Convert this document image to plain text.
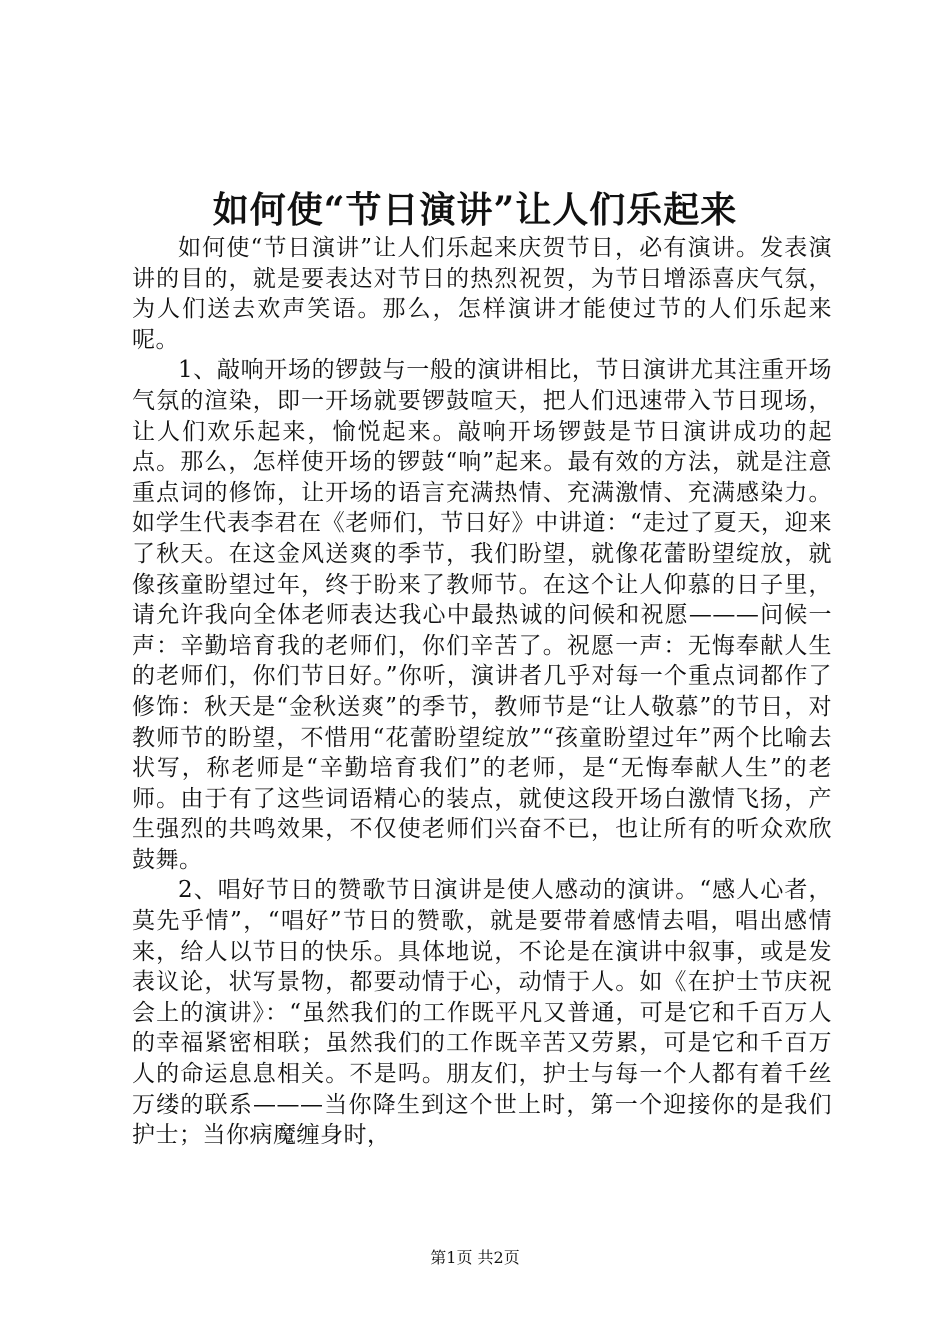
如何使“节日演讲”让人们乐起来

如何使“节日演讲”让人们乐起来庆贺节日，必有演讲。发表演讲的目的，就是要表达对节日的热烈祝贺，为节日增添喜庆气氛，为人们送去欢声笑语。那么，怎样演讲才能使过节的人们乐起来呢。

1、敲响开场的锣鼓与一般的演讲相比，节日演讲尤其注重开场气氛的渲染，即一开场就要锣鼓喧天，把人们迅速带入节日现场，让人们欢乐起来，愉悦起来。敲响开场锣鼓是节日演讲成功的起点。那么，怎样使开场的锣鼓“响”起来。最有效的方法，就是注意重点词的修饰，让开场的语言充满热情、充满激情、充满感染力。如学生代表李君在《老师们，节日好》中讲道：“走过了夏天，迎来了秋天。在这金风送爽的季节，我们盼望，就像花蕾盼望绽放，就像孩童盼望过年，终于盼来了教师节。在这个让人仰慕的日子里，请允许我向全体老师表达我心中最热诚的问候和祝愿———问候一声：辛勤培育我的老师们，你们辛苦了。祝愿一声：无悔奉献人生的老师们，你们节日好。”你听，演讲者几乎对每一个重点词都作了修饰：秋天是“金秋送爽”的季节，教师节是“让人敬慕”的节日，对教师节的盼望，不惜用“花蕾盼望绽放”“孩童盼望过年”两个比喻去状写，称老师是“辛勤培育我们”的老师，是“无悔奉献人生”的老师。由于有了这些词语精心的装点，就使这段开场白激情飞扬，产生强烈的共鸣效果，不仅使老师们兴奋不已，也让所有的听众欢欣鼓舞。

2、唱好节日的赞歌节日演讲是使人感动的演讲。“感人心者，莫先乎情”，“唱好”节日的赞歌，就是要带着感情去唱，唱出感情来，给人以节日的快乐。具体地说，不论是在演讲中叙事，或是发表议论，状写景物，都要动情于心，动情于人。如《在护士节庆祝会上的演讲》：“虽然我们的工作既平凡又普通，可是它和千百万人的幸福紧密相联；虽然我们的工作既辛苦又劳累，可是它和千百万人的命运息息相关。不是吗。朋友们，护士与每一个人都有着千丝万缕的联系———当你降生到这个世上时，第一个迎接你的是我们护士；当你病魔缠身时，

第1页 共2页
